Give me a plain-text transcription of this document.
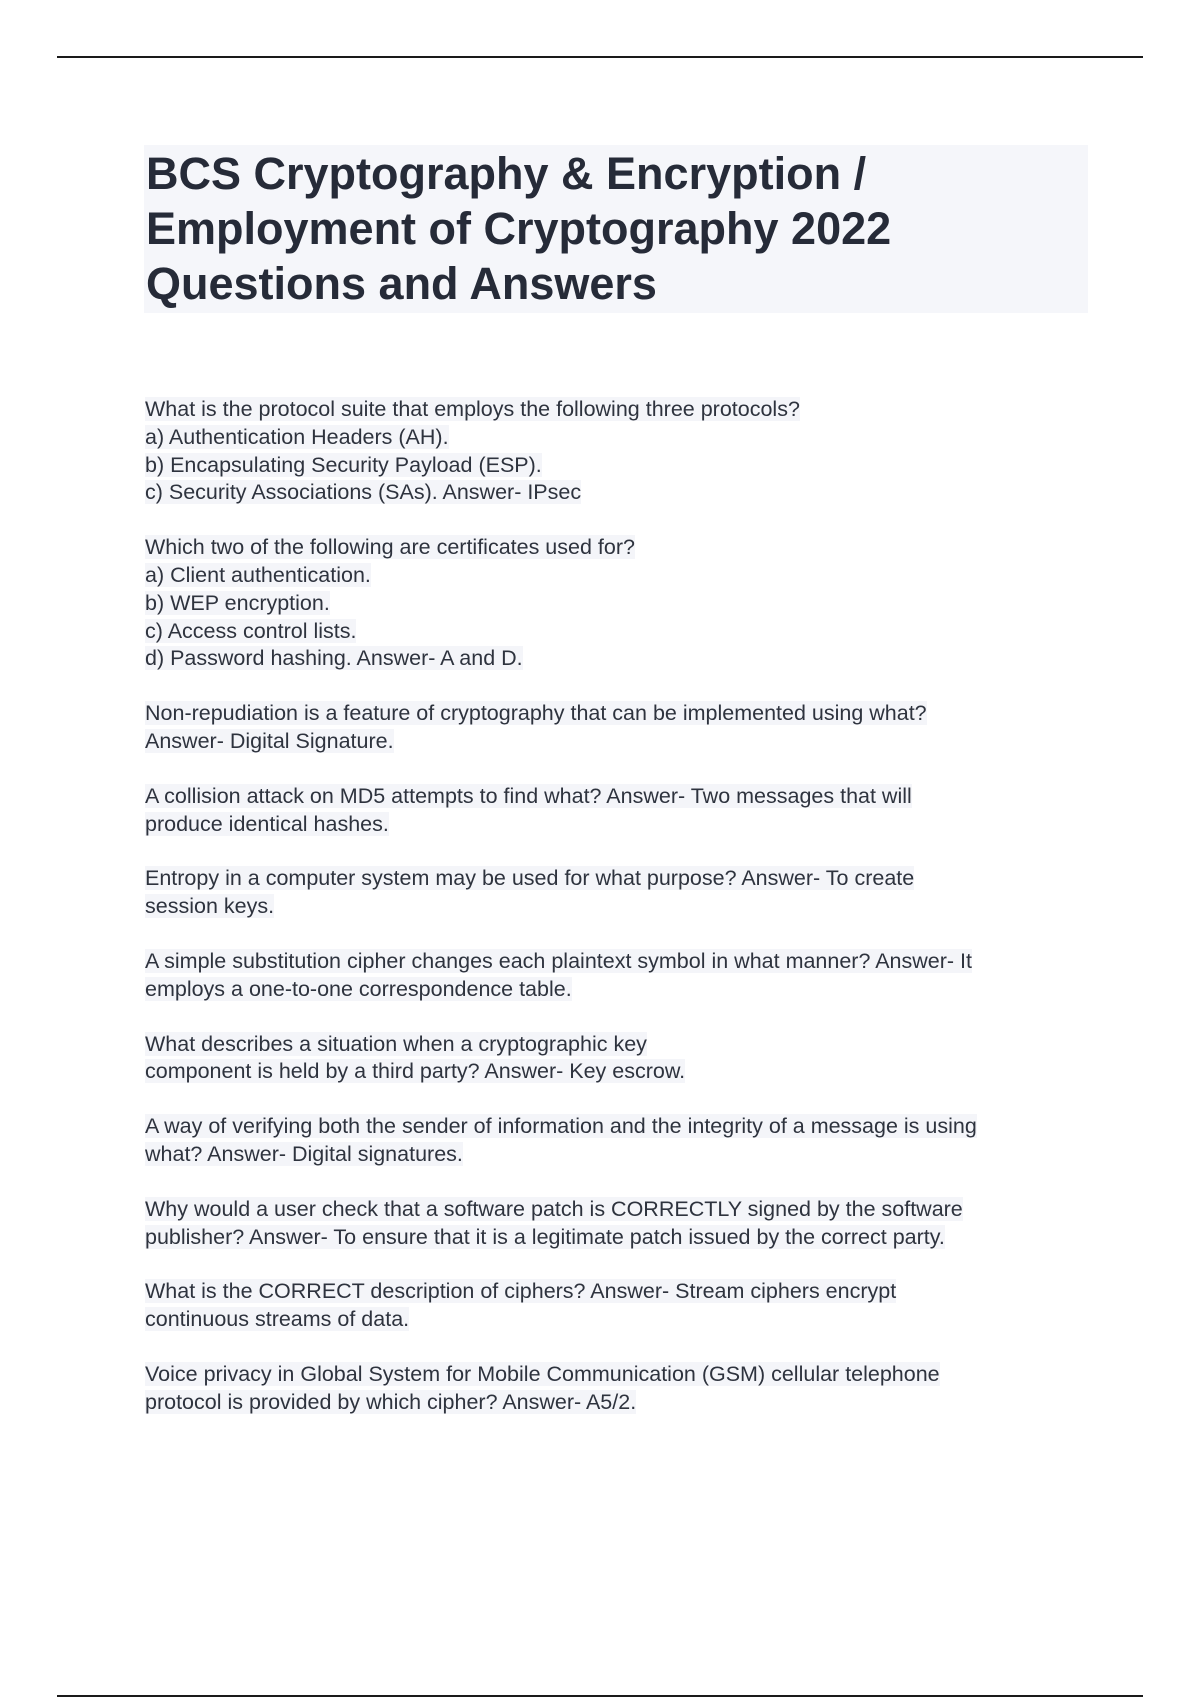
BCS Cryptography & Encryption /
Employment of Cryptography 2022
Questions and Answers
What is the protocol suite that employs the following three protocols?
a) Authentication Headers (AH).
b) Encapsulating Security Payload (ESP).
c) Security Associations (SAs). Answer- IPsec
Which two of the following are certificates used for?
a) Client authentication.
b) WEP encryption.
c) Access control lists.
d) Password hashing. Answer- A and D.
Non-repudiation is a feature of cryptography that can be implemented using what?
Answer- Digital Signature.
A collision attack on MD5 attempts to find what? Answer- Two messages that will
produce identical hashes.
Entropy in a computer system may be used for what purpose? Answer- To create
session keys.
A simple substitution cipher changes each plaintext symbol in what manner? Answer- It
employs a one-to-one correspondence table.
What describes a situation when a cryptographic key
component is held by a third party? Answer- Key escrow.
A way of verifying both the sender of information and the integrity of a message is using
what? Answer- Digital signatures.
Why would a user check that a software patch is CORRECTLY signed by the software
publisher? Answer- To ensure that it is a legitimate patch issued by the correct party.
What is the CORRECT description of ciphers? Answer- Stream ciphers encrypt
continuous streams of data.
Voice privacy in Global System for Mobile Communication (GSM) cellular telephone
protocol is provided by which cipher? Answer- A5/2.
